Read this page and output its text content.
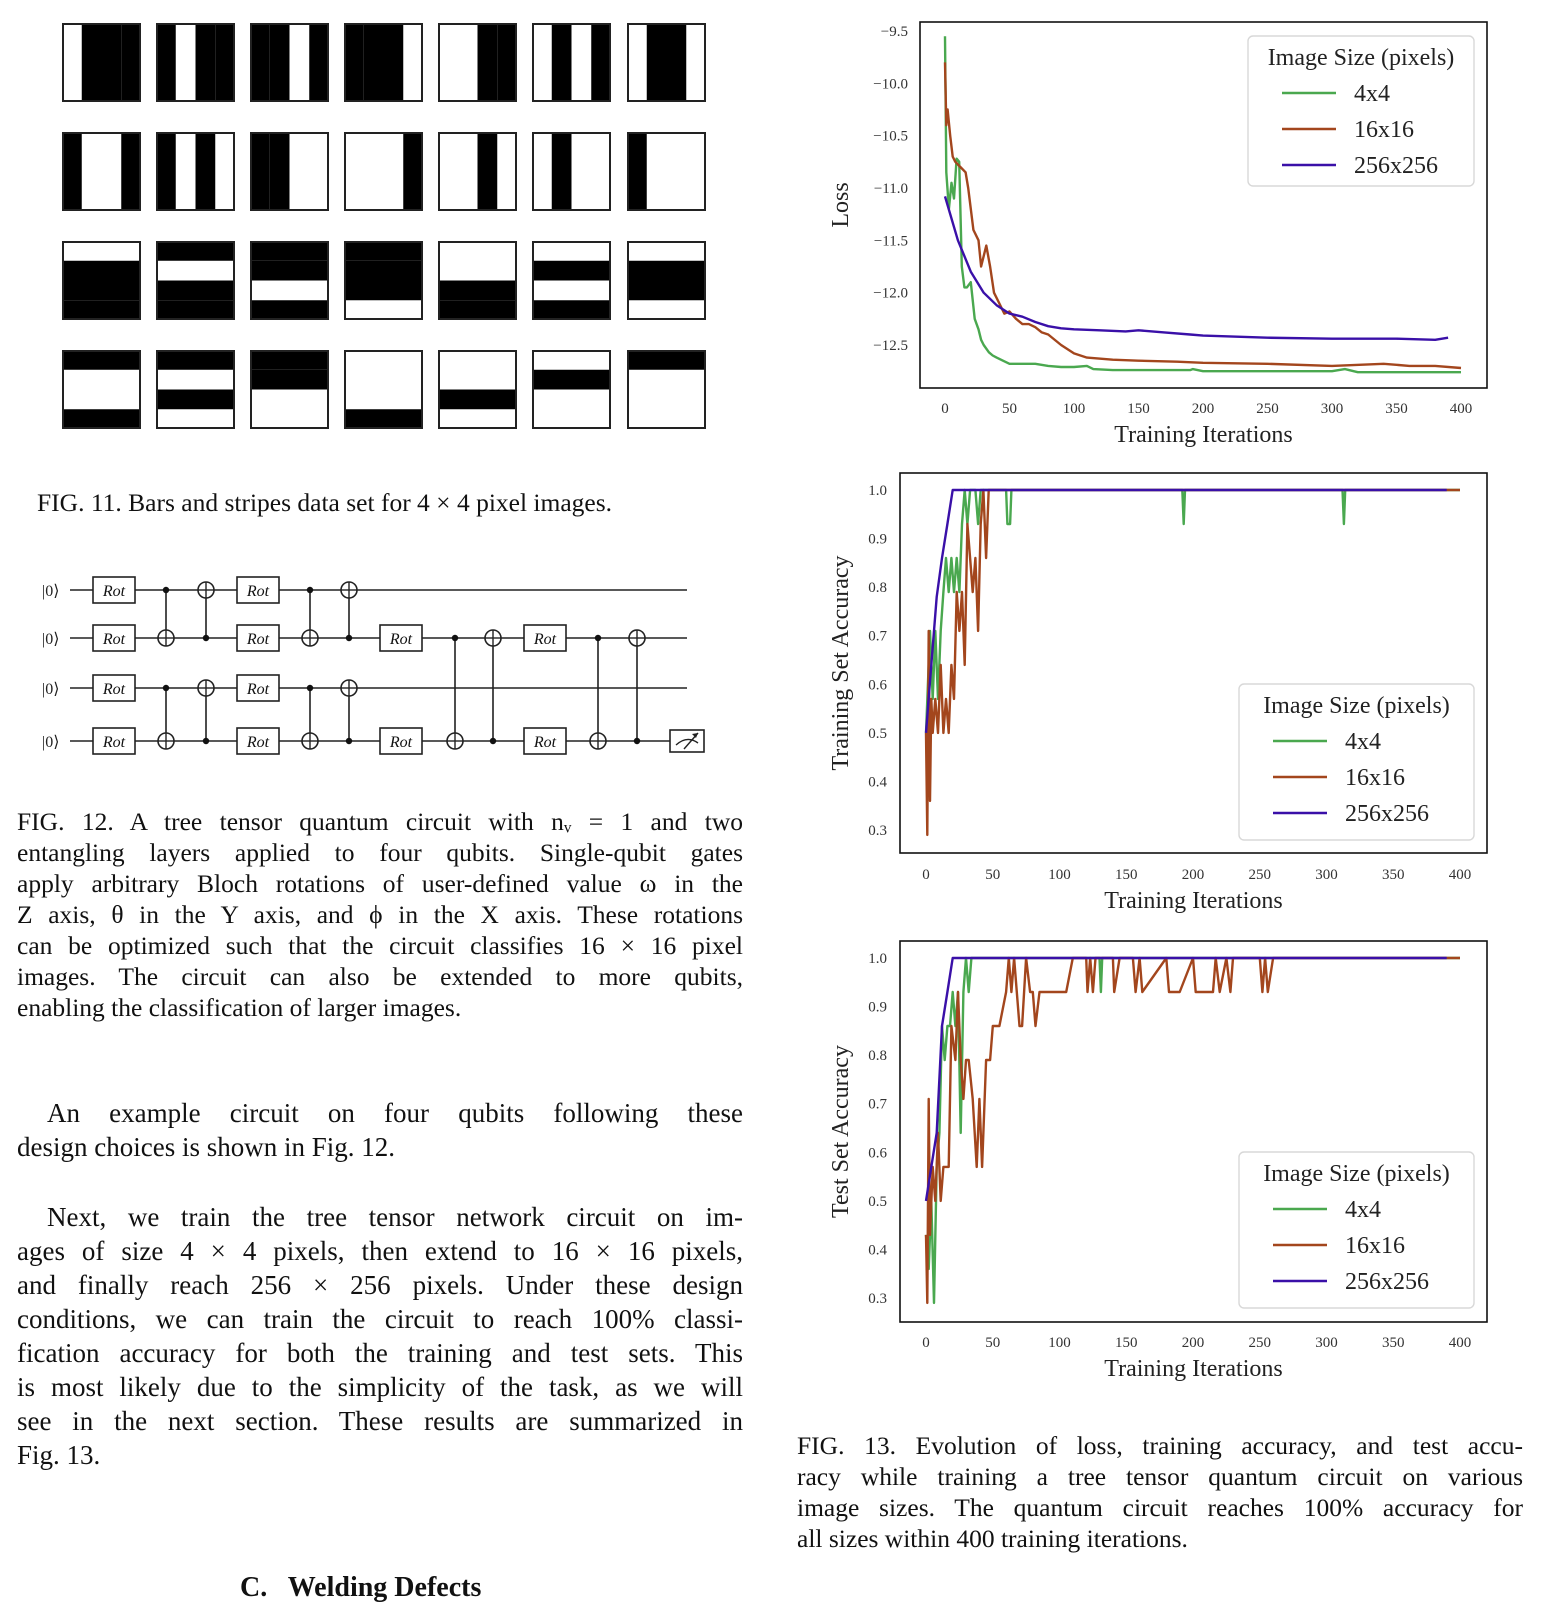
FIG. 11. Bars and stripes data set for 4 × 4 pixel images.
|0⟩
|0⟩
|0⟩
|0⟩
Rot
Rot
Rot
Rot
Rot
Rot
Rot
Rot
Rot
Rot
Rot
Rot
FIG. 12. A tree tensor quantum circuit with nᵥ = 1 and two
entangling layers applied to four qubits. Single-qubit gates
apply arbitrary Bloch rotations of user-defined value ω in the
Z axis, θ in the Y axis, and ϕ in the X axis. These rotations
can be optimized such that the circuit classifies 16 × 16 pixel
images. The circuit can also be extended to more qubits,
enabling the classification of larger images.
An example circuit on four qubits following these
design choices is shown in Fig. 12.
Next, we train the tree tensor network circuit on im-
ages of size 4 × 4 pixels, then extend to 16 × 16 pixels,
and finally reach 256 × 256 pixels. Under these design
conditions, we can train the circuit to reach 100% classi-
fication accuracy for both the training and test sets. This
is most likely due to the simplicity of the task, as we will
see in the next section. These results are summarized in
Fig. 13.
C.   Welding Defects
−9.5
−10.0
−10.5
−11.0
−11.5
−12.0
−12.5
0	50	100	150	200	250	300	350	400
Training Iterations
Loss
Image Size (pixels)
4x4
16x16
256x256
1.0
0.9
0.8
0.7
0.6
0.5
0.4
0.3
0	50	100	150	200	250	300	350	400
Training Iterations
Training Set Accuracy	Image Size (pixels)
4x4
16x16
256x256
1.0
0.9
0.8
0.7
0.6
0.5
0.4
0.3
0	50	100	150	200	250	300	350	400
Training Iterations
Test Set Accuracy	Image Size (pixels)
4x4
16x16
256x256
FIG. 13. Evolution of loss, training accuracy, and test accu-
racy while training a tree tensor quantum circuit on various
image sizes. The quantum circuit reaches 100% accuracy for
all sizes within 400 training iterations.
